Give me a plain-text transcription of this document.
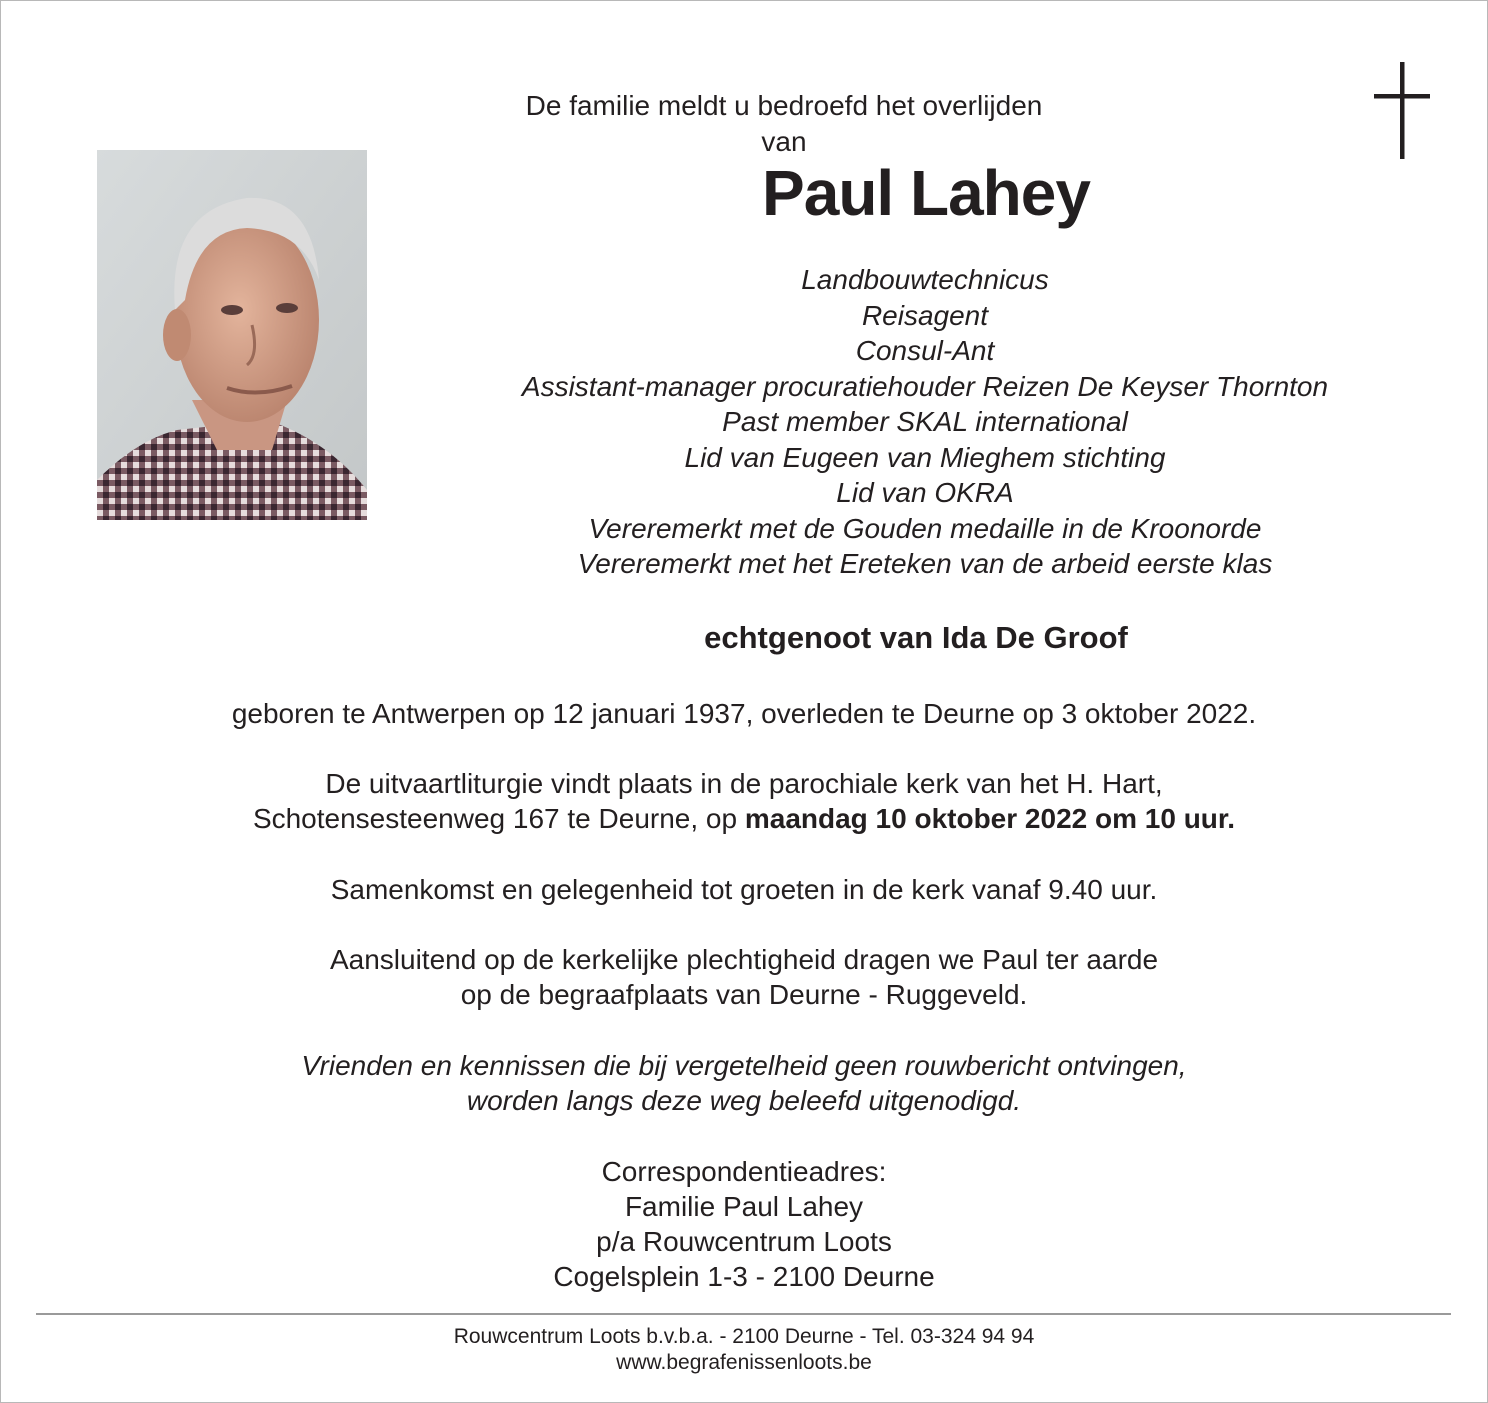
De familie meldt u bedroefd het overlijden van
Paul Lahey
Landbouwtechnicus
Reisagent
Consul-Ant
Assistant-manager procuratiehouder Reizen De Keyser Thornton
Past member SKAL international
Lid van Eugeen van Mieghem stichting
Lid van OKRA
Vereremerkt met de Gouden medaille in de Kroonorde
Vereremerkt met het Ereteken van de arbeid eerste klas
echtgenoot van Ida De Groof
geboren te Antwerpen op 12 januari 1937, overleden te Deurne op 3 oktober 2022.
De uitvaartliturgie vindt plaats in de parochiale kerk van het H. Hart,
Schotensesteenweg 167 te Deurne, op maandag 10 oktober 2022 om 10 uur.
Samenkomst en gelegenheid tot groeten in de kerk vanaf 9.40 uur.
Aansluitend op de kerkelijke plechtigheid dragen we Paul ter aarde
op de begraafplaats van Deurne - Ruggeveld.
Vrienden en kennissen die bij vergetelheid geen rouwbericht ontvingen,
worden langs deze weg beleefd uitgenodigd.
Correspondentieadres:
Familie Paul Lahey
p/a Rouwcentrum Loots
Cogelsplein 1-3 - 2100 Deurne
Rouwcentrum Loots b.v.b.a. - 2100 Deurne - Tel. 03-324 94 94
www.begrafenissenloots.be
